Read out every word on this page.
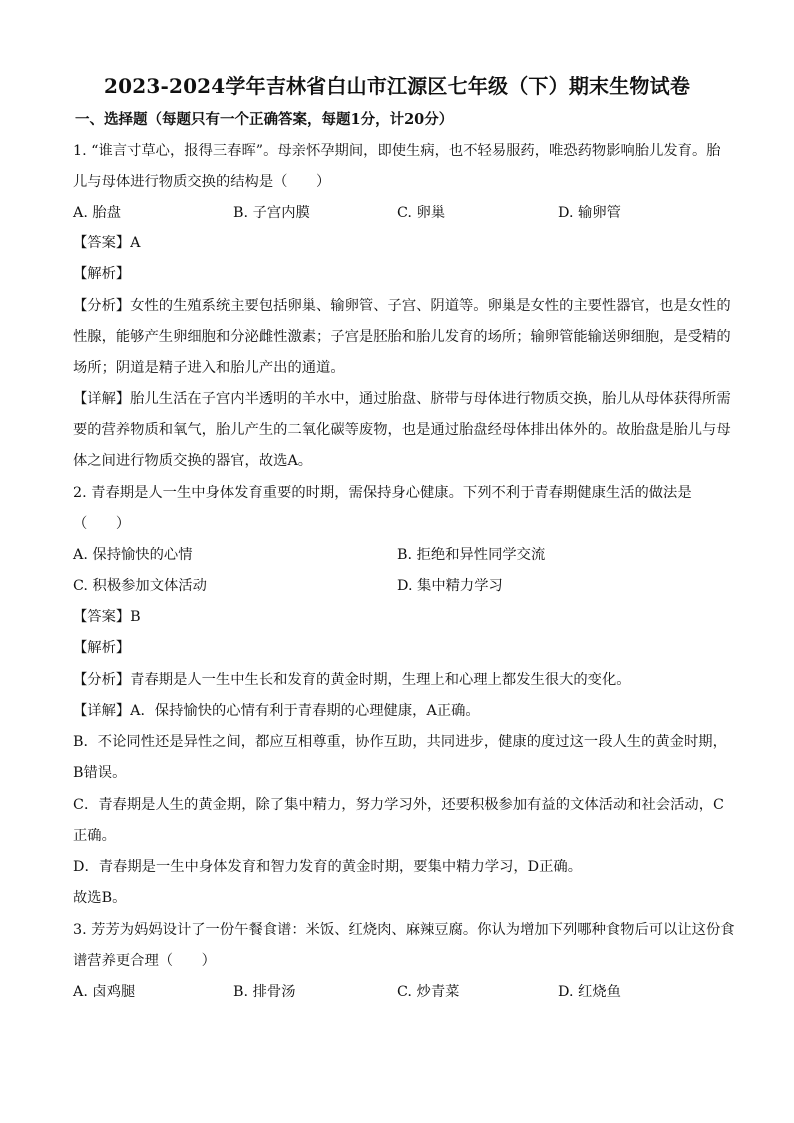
2023-2024学年吉林省白山市江源区七年级（下）期末生物试卷
一、选择题（每题只有一个正确答案，每题1分，计20分）
1. “谁言寸草心，报得三春晖”。母亲怀孕期间，即使生病，也不轻易服药，唯恐药物影响胎儿发育。胎
儿与母体进行物质交换的结构是（　　）
A. 胎盘	B. 子宫内膜	C. 卵巢	D. 输卵管
【答案】A
【解析】
【分析】女性的生殖系统主要包括卵巢、输卵管、子宫、阴道等。卵巢是女性的主要性器官，也是女性的
性腺，能够产生卵细胞和分泌雌性激素；子宫是胚胎和胎儿发育的场所；输卵管能输送卵细胞，是受精的
场所；阴道是精子进入和胎儿产出的通道。
【详解】胎儿生活在子宫内半透明的羊水中，通过胎盘、脐带与母体进行物质交换，胎儿从母体获得所需
要的营养物质和氧气，胎儿产生的二氧化碳等废物，也是通过胎盘经母体排出体外的。故胎盘是胎儿与母
体之间进行物质交换的器官，故选A。
2. 青春期是人一生中身体发育重要的时期，需保持身心健康。下列不利于青春期健康生活的做法是
（　　）
A. 保持愉快的心情	B. 拒绝和异性同学交流
C. 积极参加文体活动	D. 集中精力学习
【答案】B
【解析】
【分析】青春期是人一生中生长和发育的黄金时期，生理上和心理上都发生很大的变化。
【详解】A．保持愉快的心情有利于青春期的心理健康，A正确。
B．不论同性还是异性之间，都应互相尊重，协作互助，共同进步，健康的度过这一段人生的黄金时期，
B错误。
C．青春期是人生的黄金期，除了集中精力，努力学习外，还要积极参加有益的文体活动和社会活动，C
正确。
D．青春期是一生中身体发育和智力发育的黄金时期，要集中精力学习，D正确。
故选B。
3. 芳芳为妈妈设计了一份午餐食谱：米饭、红烧肉、麻辣豆腐。你认为增加下列哪种食物后可以让这份食
谱营养更合理（　　）
A. 卤鸡腿	B. 排骨汤	C. 炒青菜	D. 红烧鱼
